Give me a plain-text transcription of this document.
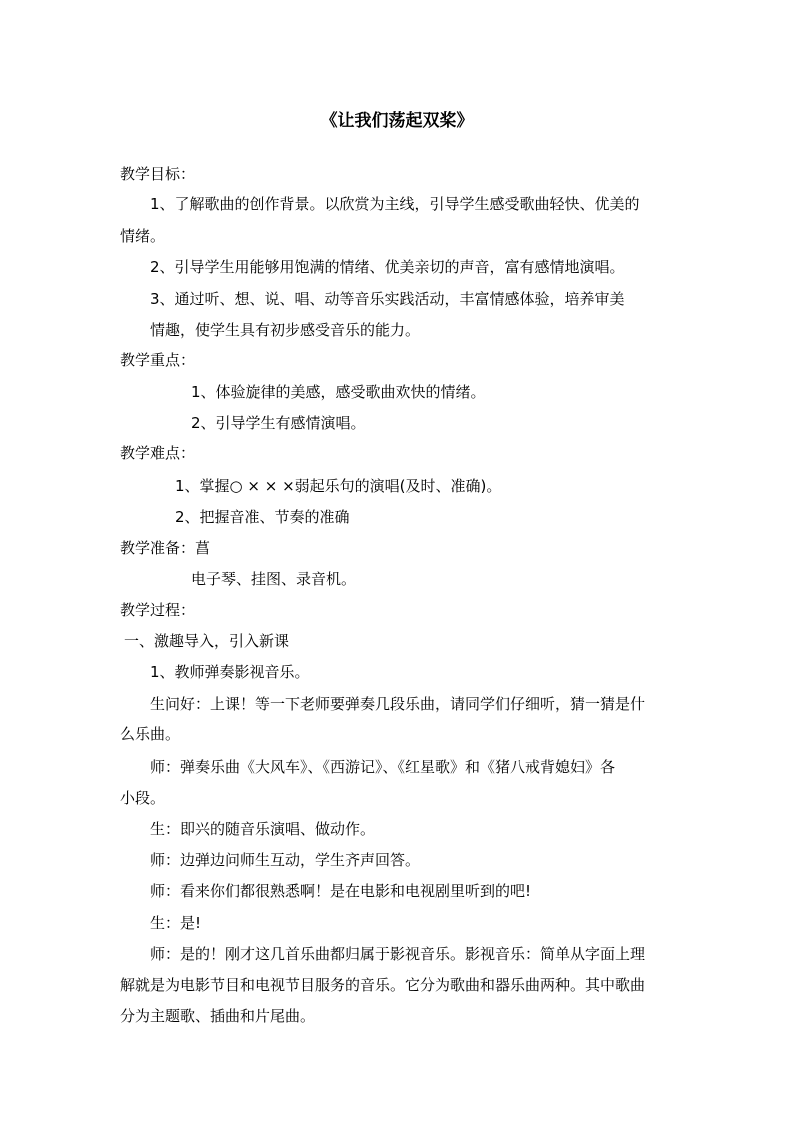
《让我们荡起双桨》
教学目标：
1、了解歌曲的创作背景。以欣赏为主线，引导学生感受歌曲轻快、优美的
情绪。
2、引导学生用能够用饱满的情绪、优美亲切的声音，富有感情地演唱。
3、通过听、想、说、唱、动等音乐实践活动，丰富情感体验，培养审美
情趣，使学生具有初步感受音乐的能力。
教学重点：
1、体验旋律的美感，感受歌曲欢快的情绪。
2、引导学生有感情演唱。
教学难点：
1、掌握○ × × ×弱起乐句的演唱(及时、准确)。
2、把握音准、节奏的准确
教学准备：菖
电子琴、挂图、录音机。
教学过程：
一、激趣导入，引入新课
1、教师弹奏影视音乐。
生问好：上课！等一下老师要弹奏几段乐曲，请同学们仔细听，猜一猜是什
么乐曲。
师：弹奏乐曲《大风车》、《西游记》、《红星歌》和《猪八戒背媳妇》各
小段。
生：即兴的随音乐演唱、做动作。
师：边弹边问师生互动，学生齐声回答。
师：看来你们都很熟悉啊！是在电影和电视剧里听到的吧!
生：是!
师：是的！刚才这几首乐曲都归属于影视音乐。影视音乐：简单从字面上理
解就是为电影节目和电视节目服务的音乐。它分为歌曲和器乐曲两种。其中歌曲
分为主题歌、插曲和片尾曲。
